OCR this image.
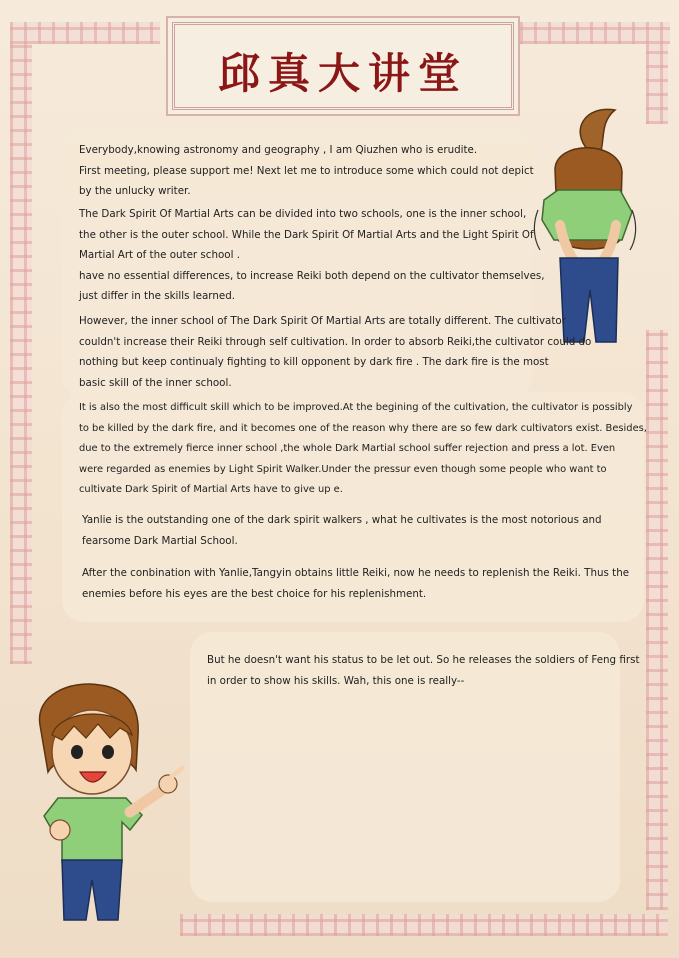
邱真大讲堂
Everybody,knowing astronomy and geography , I am Qiuzhen who is erudite.
First meeting, please support me! Next let me to introduce some which could not depict
by the unlucky writer.
The Dark Spirit Of Martial Arts can be divided into two schools, one is the inner school,
the other is the outer school. While the Dark Spirit Of Martial Arts and the Light Spirit Of
Martial Art of the outer school .
have no essential differences, to increase Reiki both depend on the cultivator themselves,
just differ in the skills learned.
However, the inner school of The Dark Spirit Of Martial Arts are totally different. The cultivator
couldn't increase their Reiki through self cultivation. In order to absorb Reiki,the cultivator could do
nothing but keep continualy fighting to kill opponent by dark fire . The dark fire is the most
basic skill of the inner school.
It is also the most difficult skill which to be improved.At the begining of the cultivation, the cultivator is possibly
to be killed by the dark fire, and it becomes one of the reason why there are so few dark cultivators exist. Besides,
due to the extremely fierce inner school ,the whole Dark Martial school suffer rejection and press a lot. Even
were regarded as enemies by Light Spirit Walker.Under the pressur even though some people who want to
cultivate Dark Spirit of Martial Arts have to give up e.
Yanlie is the outstanding one of the dark spirit walkers , what he cultivates is the most notorious and
fearsome Dark Martial School.
After the conbination with Yanlie,Tangyin obtains little Reiki, now he needs to replenish the Reiki. Thus the
enemies before his eyes are the best choice for his replenishment.
But he doesn't want his status to be let out. So he releases the soldiers of Feng first
in order to show his skills. Wah, this one is really--
